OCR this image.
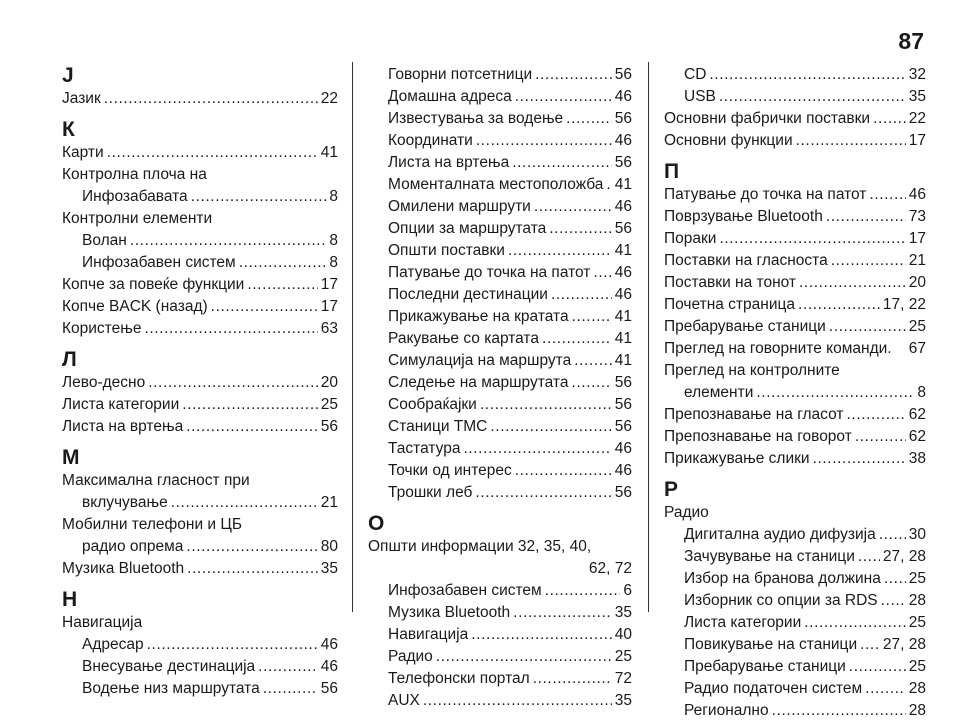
87
J
Јазик .....	22
К
Карти .....	41
Контролна плоча на
Инфозабавата .....	8
Контролни елементи
Волан .....	8
Инфозабавен систем .....	8
Копче за повеќе функции .....	17
Копче BACK (назад) .....	17
Користење .....	63
Л
Лево-десно .....	20
Листа категории .....	25
Листа на вртења .....	56
М
Максимална гласност при
вклучување .....	21
Мобилни телефони и ЦБ
радио опрема .....	80
Музика Bluetooth .....	35
Н
Навигација
Адресар .....	46
Внесување дестинација .....	46
Водење низ маршрутата .....	56
Говорни потсетници .....	56
Домашна адреса .....	46
Известувања за водење .....	56
Координати .....	46
Листа на вртења .....	56
Моменталната местоположба ..... 41
Омилени маршрути .....	46
Опции за маршрутата .....	56
Општи поставки .....	41
Патување до точка на патот ..... 46
Последни дестинации .....	46
Прикажување на кратата .....	41
Ракување со картата .....	41
Симулација на маршрута .....	41
Следење на маршрутата .....	56
Сообраќајки .....	56
Станици TMC .....	56
Тастатура .....	46
Точки од интерес .....	46
Трошки леб .....	56
О
Општи информации 32, 35, 40,
62, 72
Инфозабавен систем .....	6
Музика Bluetooth .....	35
Навигација .....	40
Радио .....	25
Телефонски портал .....	72
AUX .....	35
CD .....	32
USB .....	35
Основни фабрички поставки ..... 22
Основни функции .....	17
П
Патување до точка на патот .....	46
Поврзување Bluetooth .....	73
Пораки .....	17
Поставки на гласноста .....	21
Поставки на тонот .....	20
Почетна страница .....	17, 22
Пребарување станици .....	25
Преглед на говорните команди. 67
Преглед на контролните
елементи .....	8
Препознавање на гласот .....	62
Препознавање на говорот .....	62
Прикажување слики .....	38
Р
Радио
Дигитална аудио дифузија ..... 30
Зачувување на станици ..... 27, 28
Избор на бранова должина ..... 25
Изборник со опции за RDS ..... 28
Листа категории .....	25
Повикување на станици ..... 27, 28
Пребарување станици .....	25
Радио податочен систем .....	28
Регионално .....	28
